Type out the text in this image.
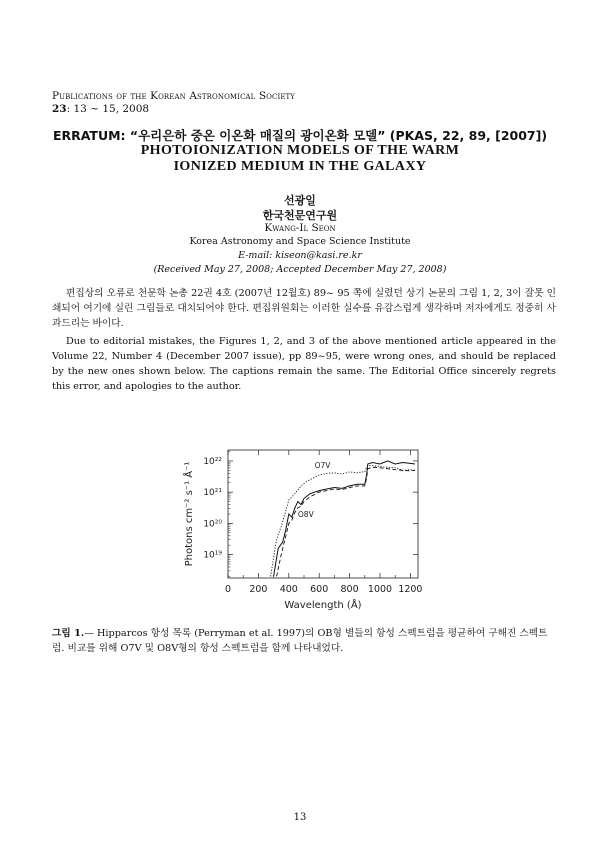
Publications of the Korean Astronomical Society
23: 13 ~ 15, 2008
ERRATUM: “우리은하 중온 이온화 매질의 광이온화 모델” (PKAS, 22, 89, [2007])
PHOTOIONIZATION MODELS OF THE WARM
IONIZED MEDIUM IN THE GALAXY
선광일
한국천문연구원
Kwang-Il Seon
Korea Astronomy and Space Science Institute
E-mail: kiseon@kasi.re.kr
(Received May 27, 2008; Accepted December May 27, 2008)
편집상의 오류로 천문학 논총 22권 4호 (2007년 12월호) 89~ 95 쪽에 실렸던 상기 논문의 그림 1, 2, 3이 잘못 인쇄되어 여기에 실린 그림들로 대치되어야 한다. 편집위원회는 이러한 실수를 유감스럽게 생각하며 저자에게도 정중히 사과드리는 바이다.
Due to editorial mistakes, the Figures 1, 2, and 3 of the above mentioned article appeared in the Volume 22, Number 4 (December 2007 issue), pp 89~95, were wrong ones, and should be replaced by the new ones shown below. The captions remain the same. The Editorial Office sincerely regrets this error, and apologies to the author.
0 200 400 600 800 1000 1200
10¹⁹
10²⁰
10²¹
10²²
Wavelength (Å)
Photons cm⁻² s⁻¹ Å⁻¹	O7V
O8V
그림 1.— Hipparcos 항성 목록 (Perryman et al. 1997)의 OB형 별들의 항성 스펙트럼을 평균하여 구해진 스펙트럼. 비교를 위해 O7V 및 O8V형의 항성 스펙트럼을 함께 나타내었다.
13
